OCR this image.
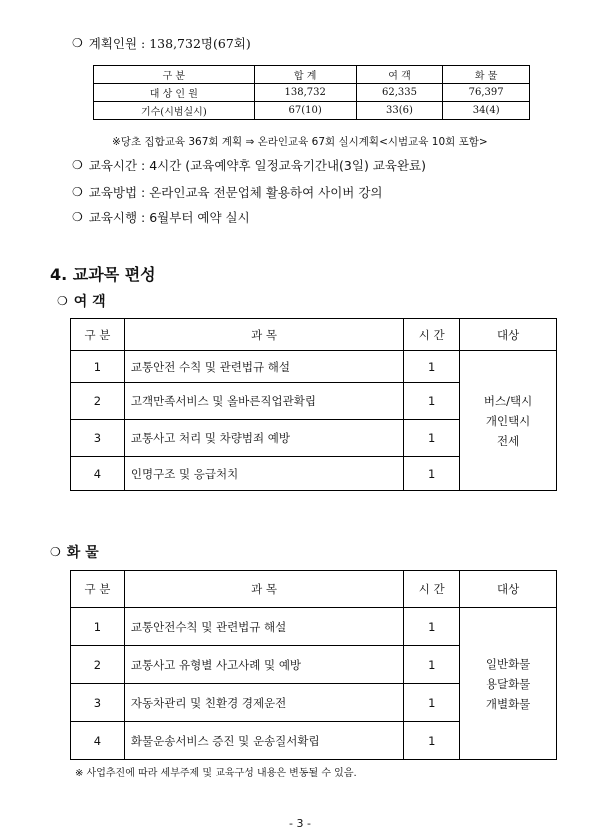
❍ 계획인원 : 138,732명(67회)
구 분	합 계	여 객	화 물
대 상 인 원	138,732	62,335	76,397
기수(시범실시)	67(10)	33(6)	34(4)
※당초 집합교육 367회 계획 ⇒ 온라인교육 67회 실시계획<시범교육 10회 포함>
❍ 교육시간 : 4시간 (교육예약후 일정교육기간내(3일) 교육완료)
❍ 교육방법 : 온라인교육 전문업체 활용하여 사이버 강의
❍ 교육시행 : 6월부터 예약 실시
4. 교과목 편성
❍ 여 객
구 분	과 목	시 간	대상
1	교통안전 수칙 및 관련법규 해설	1	버스/택시
개인택시
전세

2	고객만족서비스 및 올바른직업관확립	1	
3	교통사고 처리 및 차량범죄 예방	1	
4	인명구조 및 응급처치	1	
❍ 화 물
구 분	과 목	시 간	대상
1	교통안전수칙 및 관련법규 해설	1	일반화물
용달화물
개별화물

2	교통사고 유형별 사고사례 및 예방	1	
3	자동차관리 및 친환경 경제운전	1	
4	화물운송서비스 증진 및 운송질서확립	1	
※ 사업추진에 따라 세부주제 및 교육구성 내용은 변동될 수 있음.
- 3 -
